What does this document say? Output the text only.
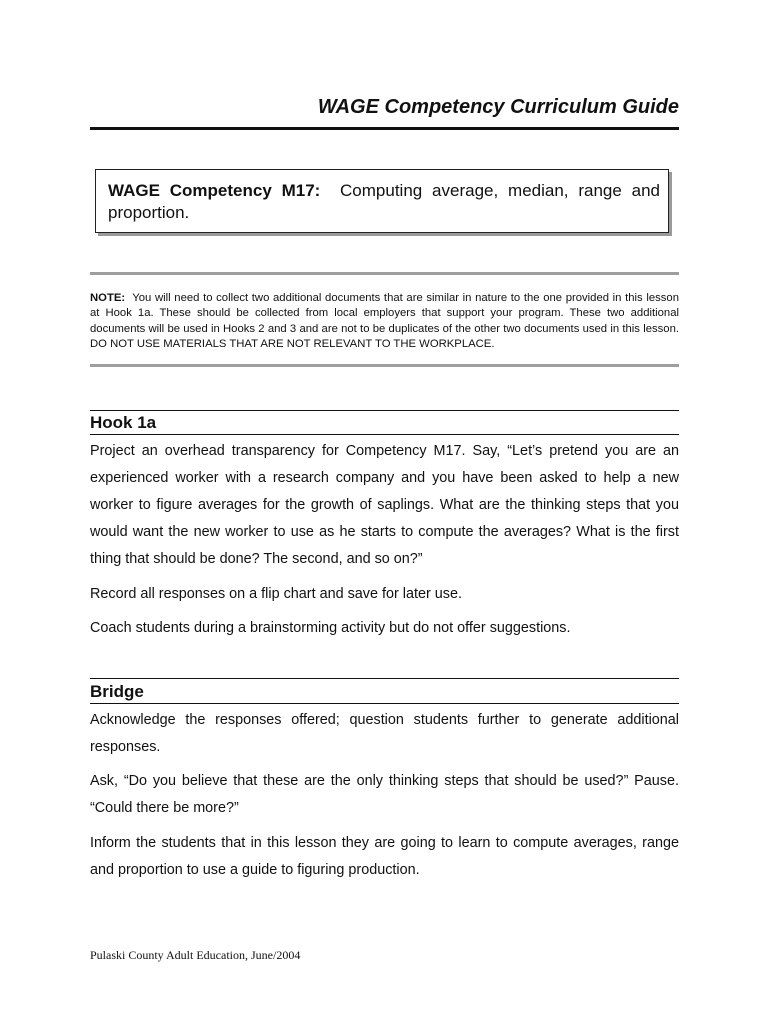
WAGE Competency Curriculum Guide
WAGE Competency M17: Computing average, median, range and proportion.
NOTE: You will need to collect two additional documents that are similar in nature to the one provided in this lesson at Hook 1a. These should be collected from local employers that support your program. These two additional documents will be used in Hooks 2 and 3 and are not to be duplicates of the other two documents used in this lesson. DO NOT USE MATERIALS THAT ARE NOT RELEVANT TO THE WORKPLACE.
Hook 1a

Project an overhead transparency for Competency M17. Say, “Let’s pretend you are an experienced worker with a research company and you have been asked to help a new worker to figure averages for the growth of saplings. What are the thinking steps that you would want the new worker to use as he starts to compute the averages? What is the first thing that should be done? The second, and so on?”

Record all responses on a flip chart and save for later use.

Coach students during a brainstorming activity but do not offer suggestions.

Bridge

Acknowledge the responses offered; question students further to generate additional responses.

Ask, “Do you believe that these are the only thinking steps that should be used?” Pause. “Could there be more?”

Inform the students that in this lesson they are going to learn to compute averages, range and proportion to use a guide to figuring production.

Pulaski County Adult Education, June/2004
